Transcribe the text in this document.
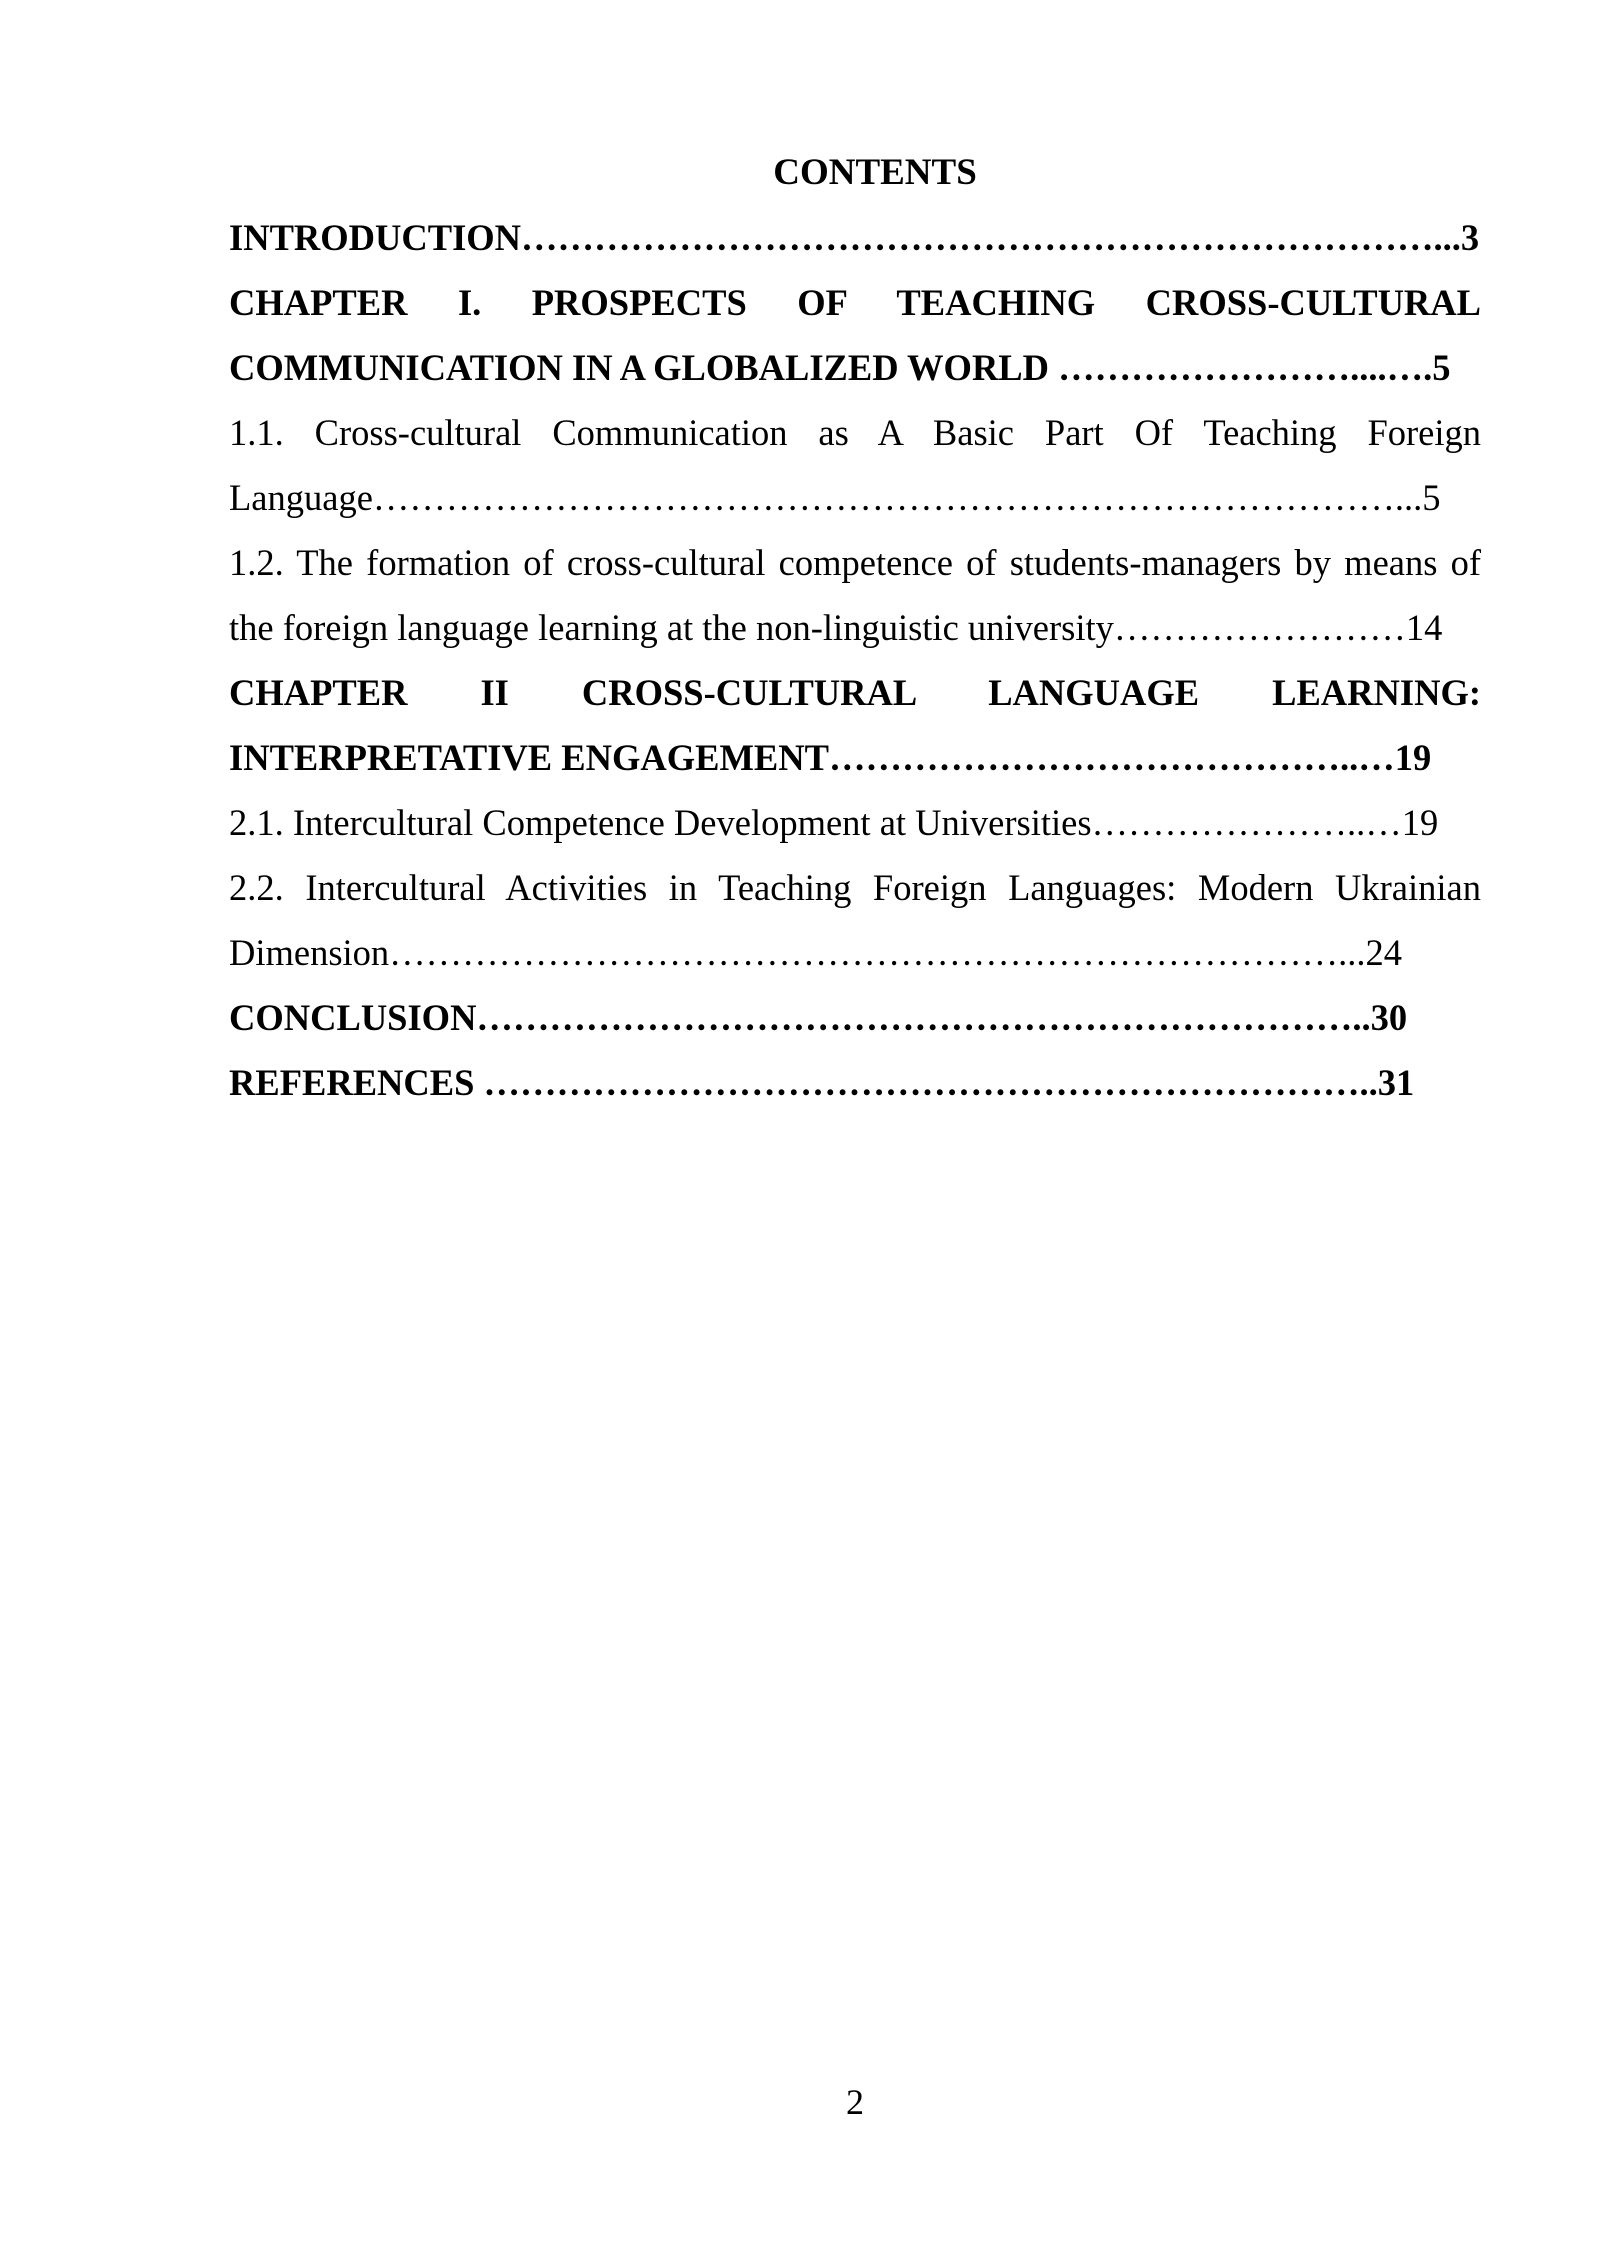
CONTENTS

INTRODUCTION…………………………………………………………………...3

CHAPTER I. PROSPECTS OF TEACHING CROSS-CULTURAL COMMUNICATION IN A GLOBALIZED WORLD ……………………....….5

1.1. Cross-cultural Communication as A Basic Part Of Teaching Foreign Language…………………………………………………………………………...5

1.2. The formation of cross-cultural competence of students-managers by means of the foreign language learning at the non-linguistic university……………………14

CHAPTER II CROSS-CULTURAL LANGUAGE LEARNING: INTERPRETATIVE ENGAGEMENT……………………………………..…19

2.1. Intercultural Competence Development at Universities…………………..…19

2.2. Intercultural Activities in Teaching Foreign Languages: Modern Ukrainian Dimension……………………………………………………………………...24

CONCLUSION………………………………………………………………..30

REFERENCES ………………………………………………………………..31

2
